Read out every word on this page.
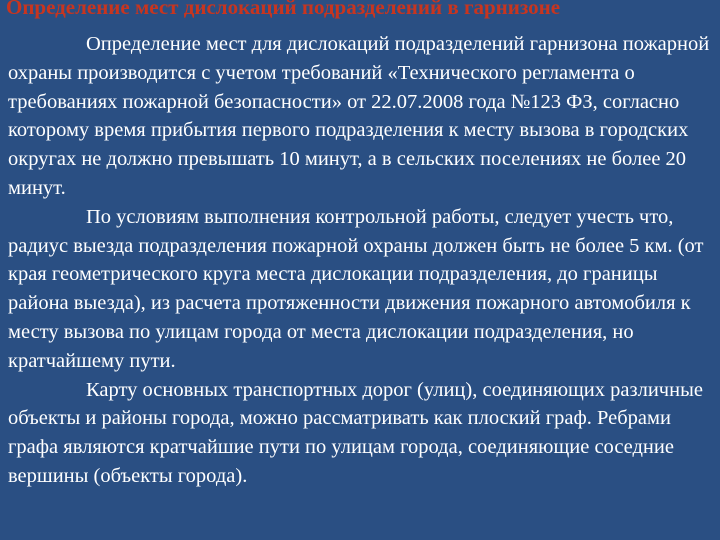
Определение мест дислокаций подразделений в гарнизоне

Определение мест для дислокаций подразделений гарнизона пожарной охраны производится с учетом требований «Технического регламента о требованиях пожарной безопасности» от 22.07.2008 года №123 ФЗ, согласно которому время прибытия первого подразделения к месту вызова в городских округах не должно превышать 10 минут, а в сельских поселениях не более 20 минут.

По условиям выполнения контрольной работы, следует учесть что, радиус выезда подразделения пожарной охраны должен быть не более 5 км. (от края геометрического круга места дислокации подразделения, до границы района выезда), из расчета протяженности движения пожарного автомобиля к месту вызова по улицам города от места дислокации подразделения, но кратчайшему пути.

Карту основных транспортных дорог (улиц), соединяющих различные объекты и районы города, можно рассматривать как плоский граф. Ребрами графа являются кратчайшие пути по улицам города, соединяющие соседние вершины (объекты города).
